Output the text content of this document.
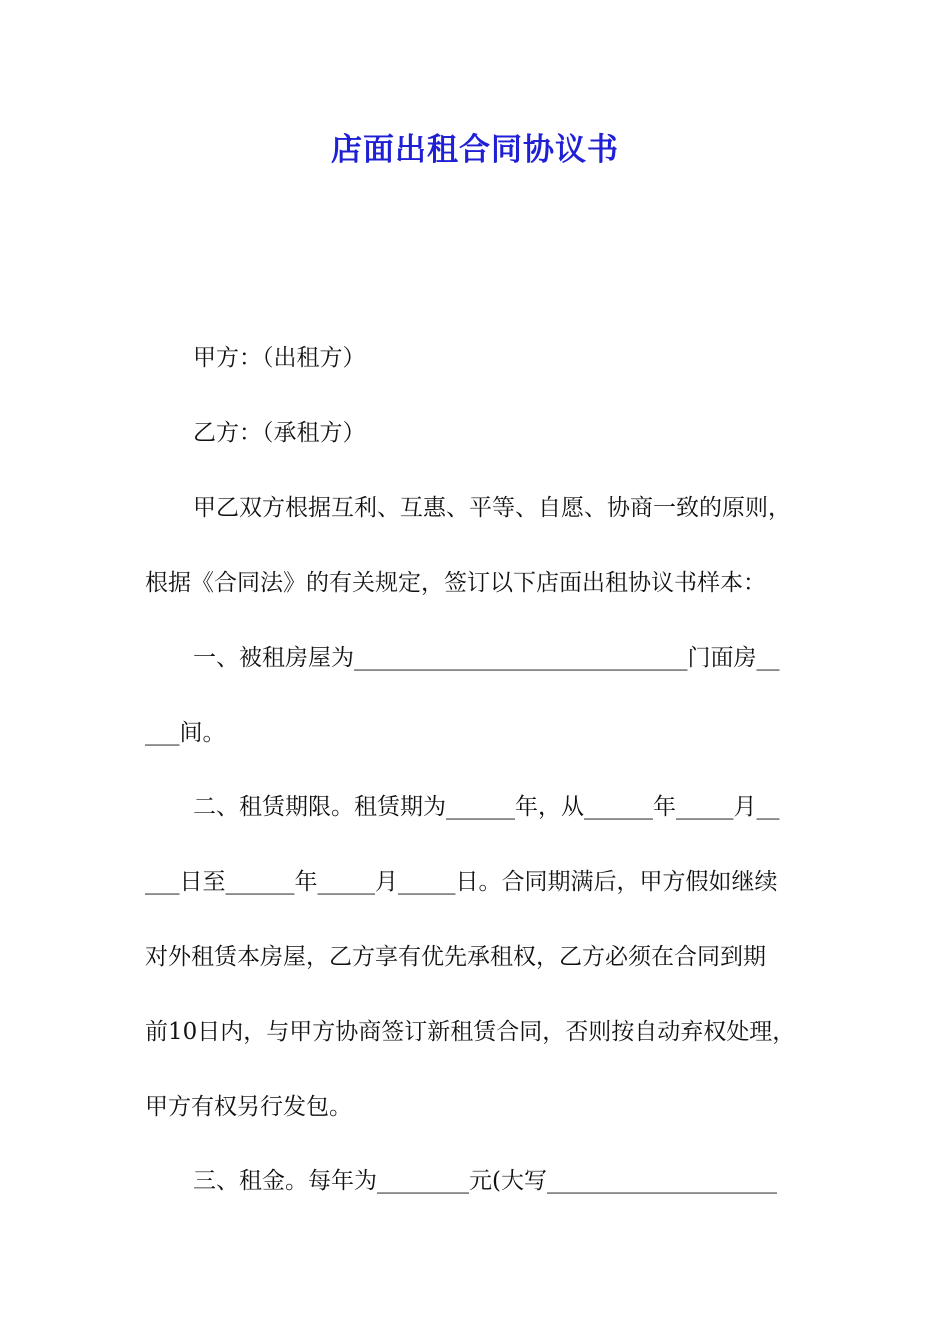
店面出租合同协议书
甲方：（出租方）
乙方：（承租方）
甲乙双方根据互利、互惠、平等、自愿、协商一致的原则，
根据《合同法》的有关规定，签订以下店面出租协议书样本：
一、被租房屋为_____________________________门面房__
___间。
二、租赁期限。租赁期为______年，从______年_____月__
___日至______年_____月_____日。合同期满后，甲方假如继续
对外租赁本房屋，乙方享有优先承租权，乙方必须在合同到期
前10日内，与甲方协商签订新租赁合同，否则按自动弃权处理，
甲方有权另行发包。
三、租金。每年为________元(大写____________________
